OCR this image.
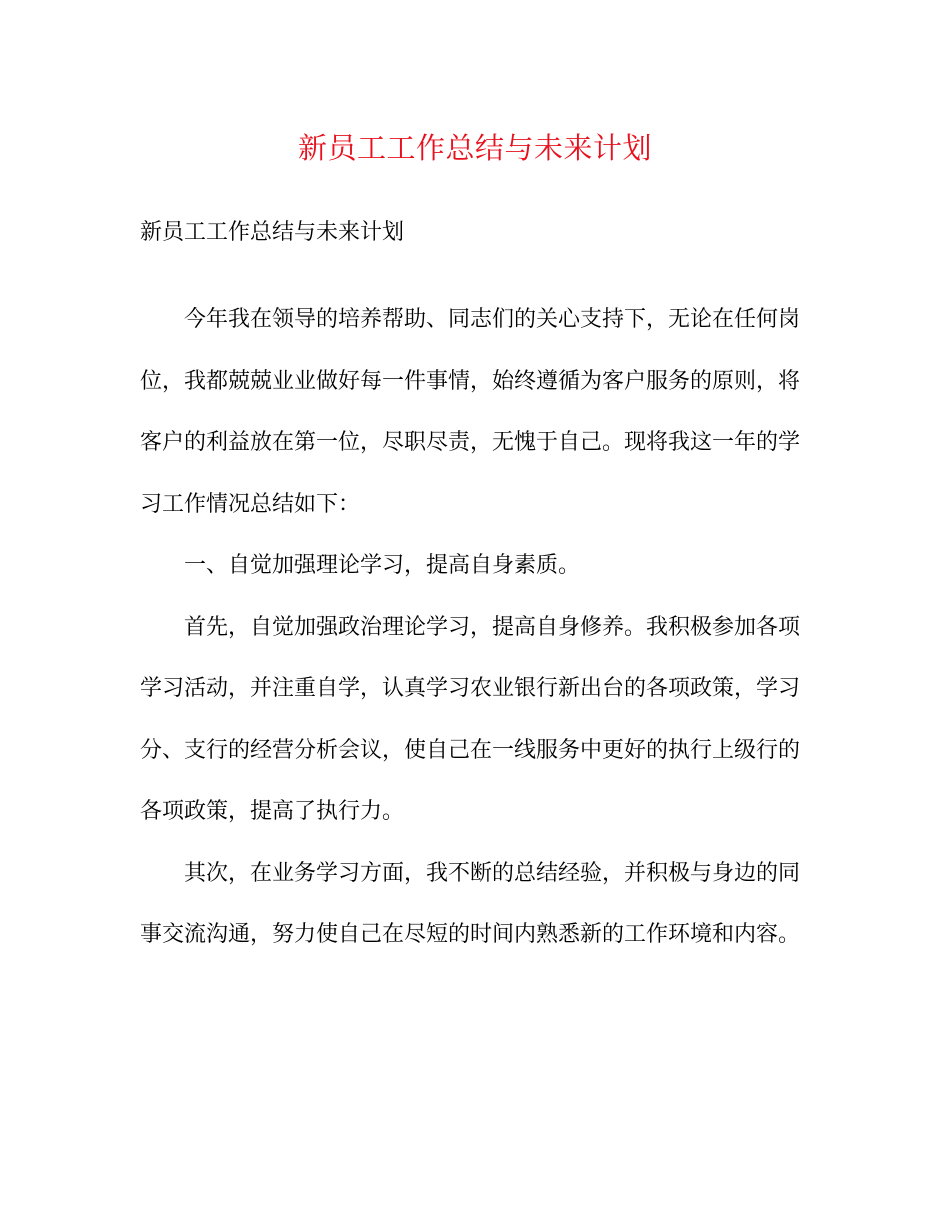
新员工工作总结与未来计划
新员工工作总结与未来计划

今年我在领导的培养帮助、同志们的关心支持下，无论在任何岗位，我都兢兢业业做好每一件事情，始终遵循为客户服务的原则，将客户的利益放在第一位，尽职尽责，无愧于自己。现将我这一年的学习工作情况总结如下：

一、自觉加强理论学习，提高自身素质。

首先，自觉加强政治理论学习，提高自身修养。我积极参加各项学习活动，并注重自学，认真学习农业银行新出台的各项政策，学习分、支行的经营分析会议，使自己在一线服务中更好的执行上级行的各项政策，提高了执行力。

其次，在业务学习方面，我不断的总结经验，并积极与身边的同事交流沟通，努力使自己在尽短的时间内熟悉新的工作环境和内容。
